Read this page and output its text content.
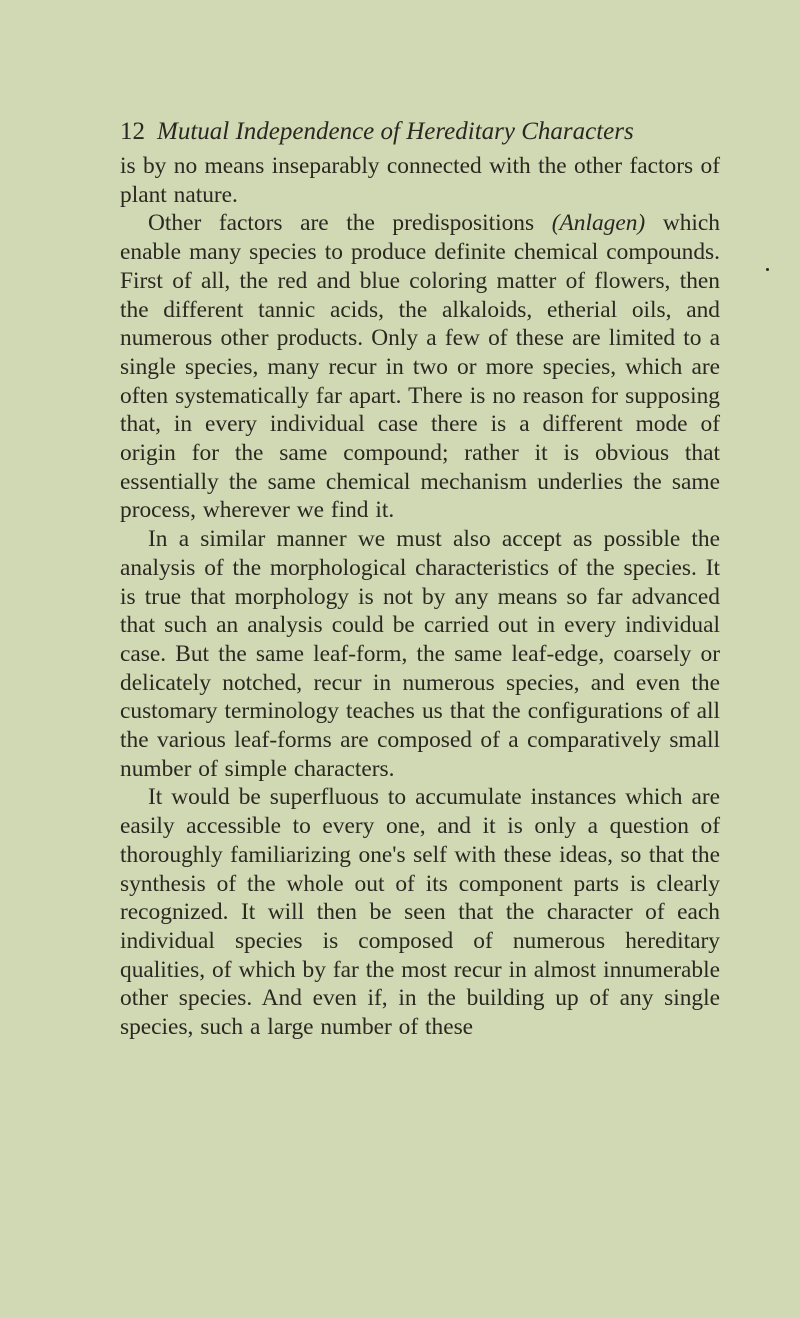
12 Mutual Independence of Hereditary Characters

is by no means inseparably connected with the other factors of plant nature.

Other factors are the predispositions (Anlagen) which enable many species to produce definite chemical compounds. First of all, the red and blue coloring matter of flowers, then the different tannic acids, the alkaloids, etherial oils, and numerous other products. Only a few of these are limited to a single species, many recur in two or more species, which are often systematically far apart. There is no reason for supposing that, in every individual case there is a different mode of origin for the same compound; rather it is obvious that essentially the same chemical mechanism underlies the same process, wherever we find it.

In a similar manner we must also accept as possible the analysis of the morphological characteristics of the species. It is true that morphology is not by any means so far advanced that such an analysis could be carried out in every individual case. But the same leaf-form, the same leaf-edge, coarsely or delicately notched, recur in numerous species, and even the customary terminology teaches us that the configurations of all the various leaf-forms are composed of a comparatively small number of simple characters.

It would be superfluous to accumulate instances which are easily accessible to every one, and it is only a question of thoroughly familiarizing one's self with these ideas, so that the synthesis of the whole out of its component parts is clearly recognized. It will then be seen that the character of each individual species is composed of numerous hereditary qualities, of which by far the most recur in almost innumerable other species. And even if, in the building up of any single species, such a large number of these
